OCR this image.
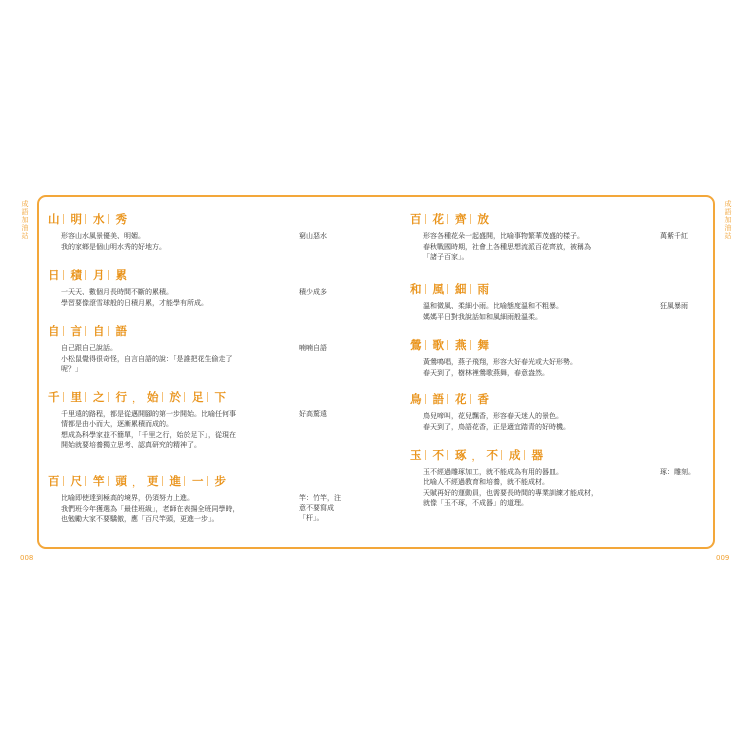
成語加油站	成語加油站
008	009
山 明 水 秀
形 形容山水風景優美、明媚。
例 我的家鄉是個山明水秀的好地方。
反 窮山惡水
日 積 月 累
形 一天天、數個月長時間不斷的累積。
例 學習要像滾雪球般的日積月累，才能學有所成。
反 積少成多
自 言 自 語
形 自己跟自己說話。
例 小松鼠覺得很奇怪，自言自語的說：「是誰把花生偷走了
呢？」
反 喃喃自語
千 里 之 行 ， 始 於 足 下
形 千里遠的路程，都是從邁開腳的第一步開始。比喻任何事
情都是由小而大，逐漸累積而成的。
例 想成為科學家並不簡單，「千里之行，始於足下」，從現在
開始就要培養獨立思考、認真研究的精神了。
反 好高騖遠
百 尺 竿 頭 ， 更 進 一 步
形 比喻即使達到極高的境界，仍須努力上進。
例 我們班今年獲選為「最佳班級」，老師在表揚全班同學時，
也勉勵大家不要驕傲，應「百尺竿頭，更進一步」。
注 竿：竹竿，注
意不要寫成
「杆」。
百 花 齊 放
形 形容各種花朵一起盛開，比喻事物繁華茂盛的樣子。
例 春秋戰國時期，社會上各種思想流派百花齊放，被稱為
「諸子百家」。
反 萬紫千紅
和 風 細 雨
形 溫和微風、柔細小雨。比喻態度溫和不粗暴。
例 媽媽平日對我說話如和風細雨般溫柔。
反 狂風暴雨
鶯 歌 燕 舞
形 黃鶯鳴唱，燕子飛翔，形容大好春光或大好形勢。
例 春天到了，樹林裡鶯歌燕舞，春意盎然。
鳥 語 花 香
形 鳥兒啼叫，花兒飄香，形容春天迷人的景色。
例 春天到了，鳥語花香，正是適宜踏青的好時機。
玉 不 琢 ， 不 成 器
形 玉不經過雕琢加工，就不能成為有用的器皿。
比喻人不經過教育和培養，就不能成材。
例 天賦再好的運動員，也需要長時間的專業訓練才能成材，
就像「玉不琢，不成器」的道理。
注 琢：雕刻。
